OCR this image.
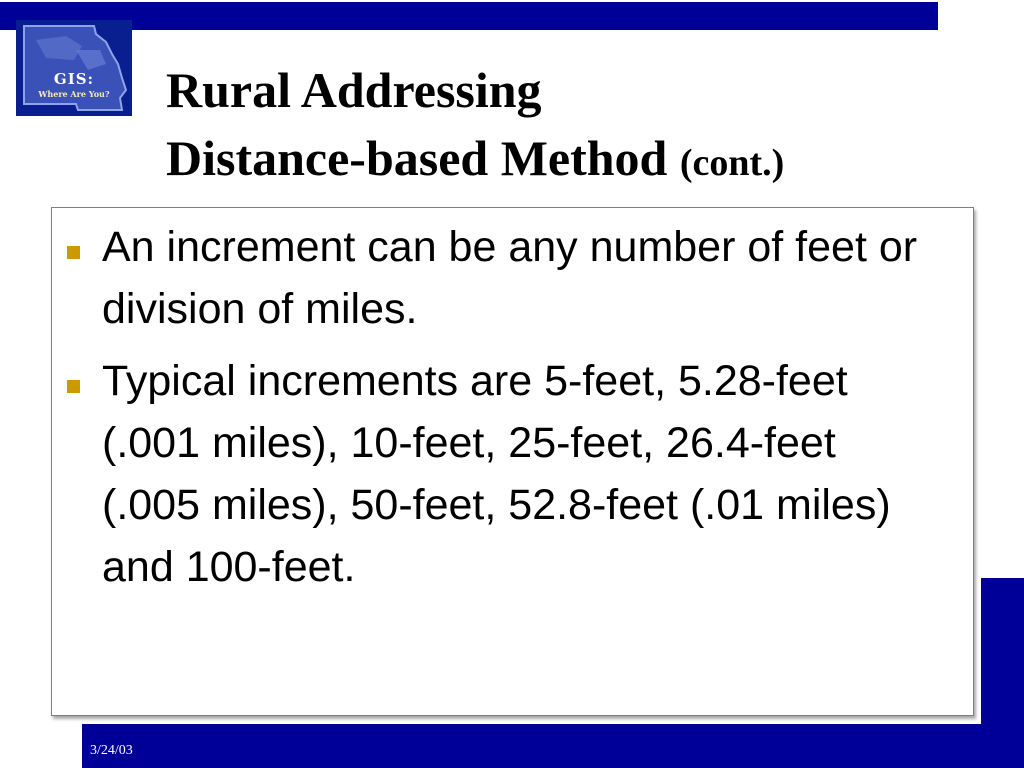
GIS:
Where Are You?	Rural Addressing
Distance-based Method (cont.)
3/24/03
An increment can be any number of feet or division of miles.
Typical increments are 5-feet, 5.28-feet (.001 miles), 10-feet, 25-feet, 26.4-feet (.005 miles), 50-feet, 52.8-feet (.01 miles) and 100-feet.
